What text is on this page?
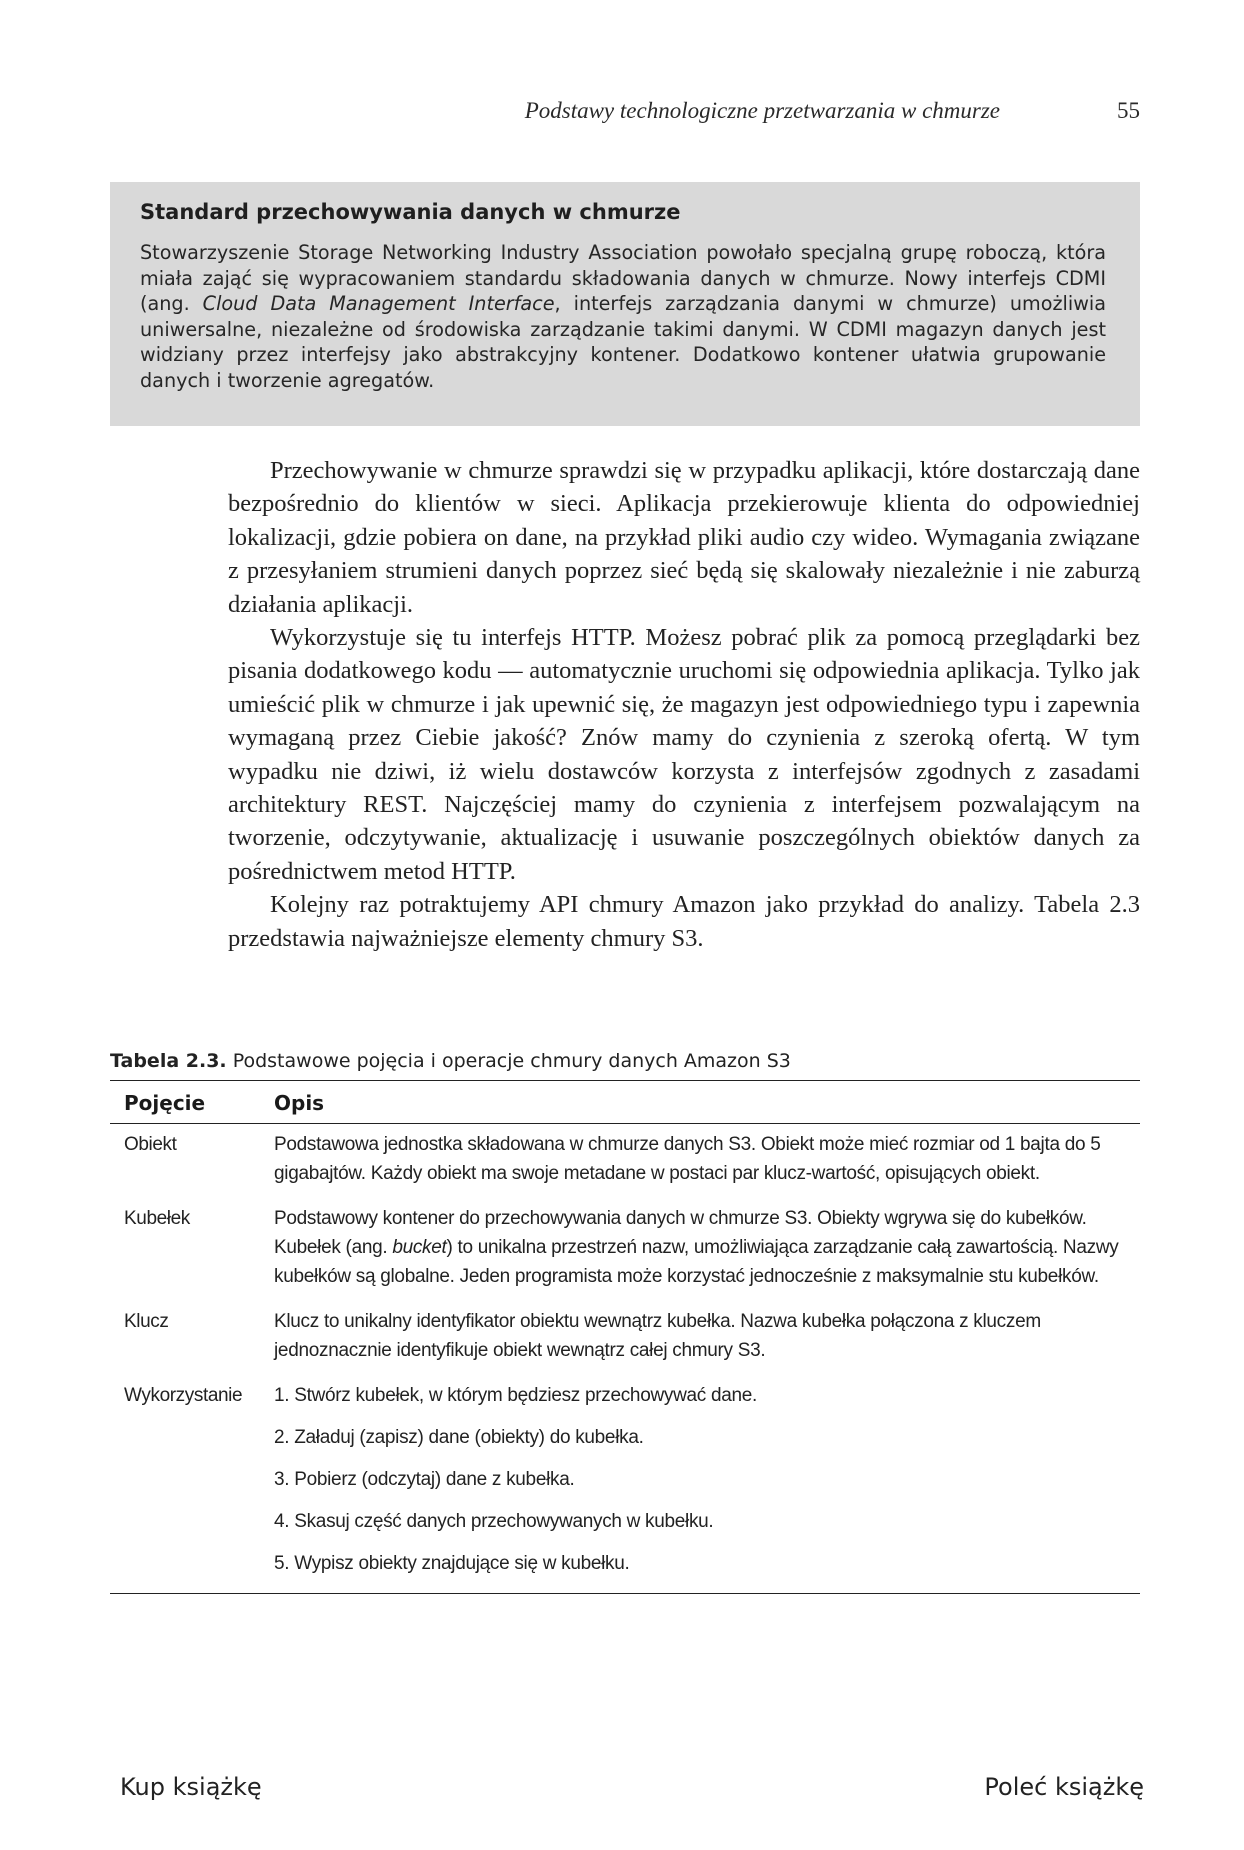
Podstawy technologiczne przetwarzania w chmurze	55
Standard przechowywania danych w chmurze

Stowarzyszenie Storage Networking Industry Association powołało specjalną grupę roboczą, która miała zająć się wypracowaniem standardu składowania danych w chmurze. Nowy interfejs CDMI (ang. Cloud Data Management Interface, interfejs zarządzania danymi w chmurze) umożliwia uniwersalne, niezależne od środowiska zarządzanie takimi danymi. W CDMI magazyn danych jest widziany przez interfejsy jako abstrakcyjny kontener. Dodatkowo kontener ułatwia grupowanie danych i tworzenie agregatów.

Przechowywanie w chmurze sprawdzi się w przypadku aplikacji, które dostarczają dane bezpośrednio do klientów w sieci. Aplikacja przekierowuje klienta do odpowiedniej lokalizacji, gdzie pobiera on dane, na przykład pliki audio czy wideo. Wymagania związane z przesyłaniem strumieni danych poprzez sieć będą się skalowały niezależnie i nie zaburzą działania aplikacji.

Wykorzystuje się tu interfejs HTTP. Możesz pobrać plik za pomocą przeglądarki bez pisania dodatkowego kodu — automatycznie uruchomi się odpowiednia aplikacja. Tylko jak umieścić plik w chmurze i jak upewnić się, że magazyn jest odpowiedniego typu i zapewnia wymaganą przez Ciebie jakość? Znów mamy do czynienia z szeroką ofertą. W tym wypadku nie dziwi, iż wielu dostawców korzysta z interfejsów zgodnych z zasadami architektury REST. Najczęściej mamy do czynienia z interfejsem pozwalającym na tworzenie, odczytywanie, aktualizację i usuwanie poszczególnych obiektów danych za pośrednictwem metod HTTP.

Kolejny raz potraktujemy API chmury Amazon jako przykład do analizy. Tabela 2.3 przedstawia najważniejsze elementy chmury S3.

Tabela 2.3. Podstawowe pojęcia i operacje chmury danych Amazon S3
Pojęcie	Opis
Obiekt	Podstawowa jednostka składowana w chmurze danych S3. Obiekt może mieć rozmiar od 1 bajta do 5 gigabajtów. Każdy obiekt ma swoje metadane w postaci par klucz-wartość, opisujących obiekt.
Kubełek	Podstawowy kontener do przechowywania danych w chmurze S3. Obiekty wgrywa się do kubełków. Kubełek (ang. bucket) to unikalna przestrzeń nazw, umożliwiająca zarządzanie całą zawartością. Nazwy kubełków są globalne. Jeden programista może korzystać jednocześnie z maksymalnie stu kubełków.
Klucz	Klucz to unikalny identyfikator obiektu wewnątrz kubełka. Nazwa kubełka połączona z kluczem jednoznacznie identyfikuje obiekt wewnątrz całej chmury S3.
Wykorzystanie	1. Stwórz kubełek, w którym będziesz przechowywać dane.
2. Załaduj (zapisz) dane (obiekty) do kubełka.
3. Pobierz (odczytaj) dane z kubełka.
4. Skasuj część danych przechowywanych w kubełku.
5. Wypisz obiekty znajdujące się w kubełku.
Kup książkę	Poleć książkę
